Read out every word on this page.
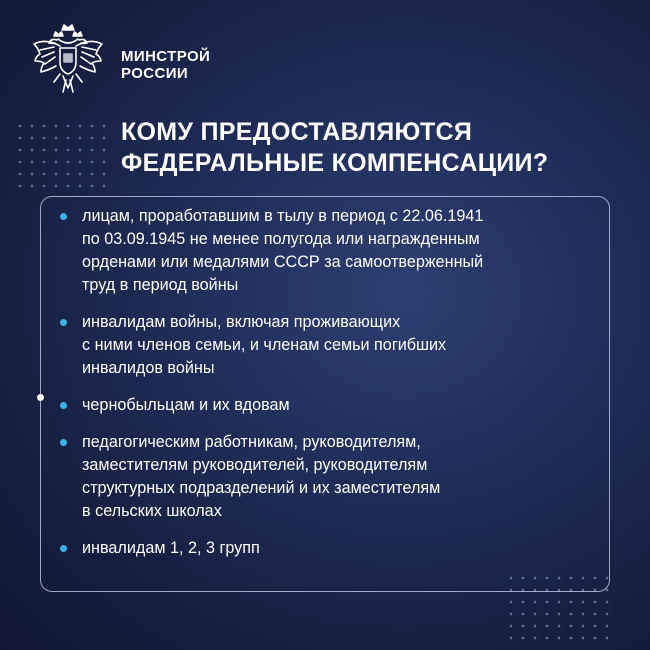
МИНСТРОЙ
РОССИИ
КОМУ ПРЕДОСТАВЛЯЮТСЯ
ФЕДЕРАЛЬНЫЕ КОМПЕНСАЦИИ?
лицам, проработавшим в тылу в период с 22.06.1941
по 03.09.1945 не менее полугода или награжденным
орденами или медалями СССР за самоотверженный
труд в период войны
инвалидам войны, включая проживающих
с ними членов семьи, и членам семьи погибших
инвалидов войны
чернобыльцам и их вдовам
педагогическим работникам, руководителям,
заместителям руководителей, руководителям
структурных подразделений и их заместителям
в сельских школах
инвалидам 1, 2, 3 групп
